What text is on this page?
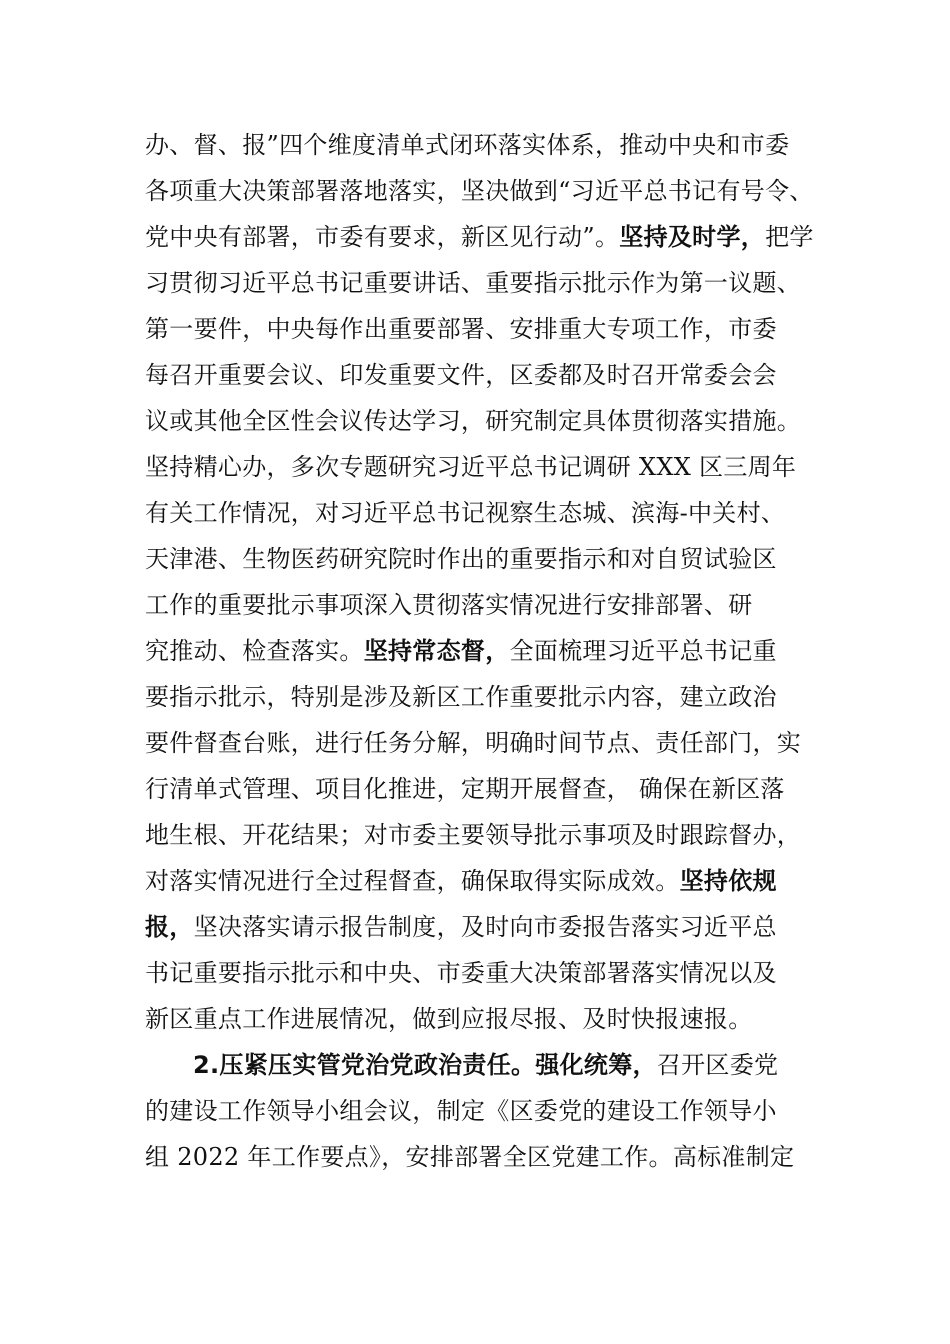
办、督、报”四个维度清单式闭环落实体系，推动中央和市委
各项重大决策部署落地落实，坚决做到“习近平总书记有号令、
党中央有部署，市委有要求，新区见行动”。坚持及时学，把学
习贯彻习近平总书记重要讲话、重要指示批示作为第一议题、
第一要件，中央每作出重要部署、安排重大专项工作，市委
每召开重要会议、印发重要文件，区委都及时召开常委会会
议或其他全区性会议传达学习，研究制定具体贯彻落实措施。
坚持精心办，多次专题研究习近平总书记调研 XXX 区三周年
有关工作情况，对习近平总书记视察生态城、滨海-中关村、
天津港、生物医药研究院时作出的重要指示和对自贸试验区
工作的重要批示事项深入贯彻落实情况进行安排部署、研
究推动、检查落实。坚持常态督，全面梳理习近平总书记重
要指示批示，特别是涉及新区工作重要批示内容，建立政治
要件督查台账，进行任务分解，明确时间节点、责任部门，实
行清单式管理、项目化推进，定期开展督查， 确保在新区落
地生根、开花结果；对市委主要领导批示事项及时跟踪督办，
对落实情况进行全过程督查，确保取得实际成效。坚持依规
报，坚决落实请示报告制度，及时向市委报告落实习近平总
书记重要指示批示和中央、市委重大决策部署落实情况以及
新区重点工作进展情况，做到应报尽报、及时快报速报。
2.压紧压实管党治党政治责任。强化统筹，召开区委党
的建设工作领导小组会议，制定《区委党的建设工作领导小
组 2022 年工作要点》，安排部署全区党建工作。高标准制定
